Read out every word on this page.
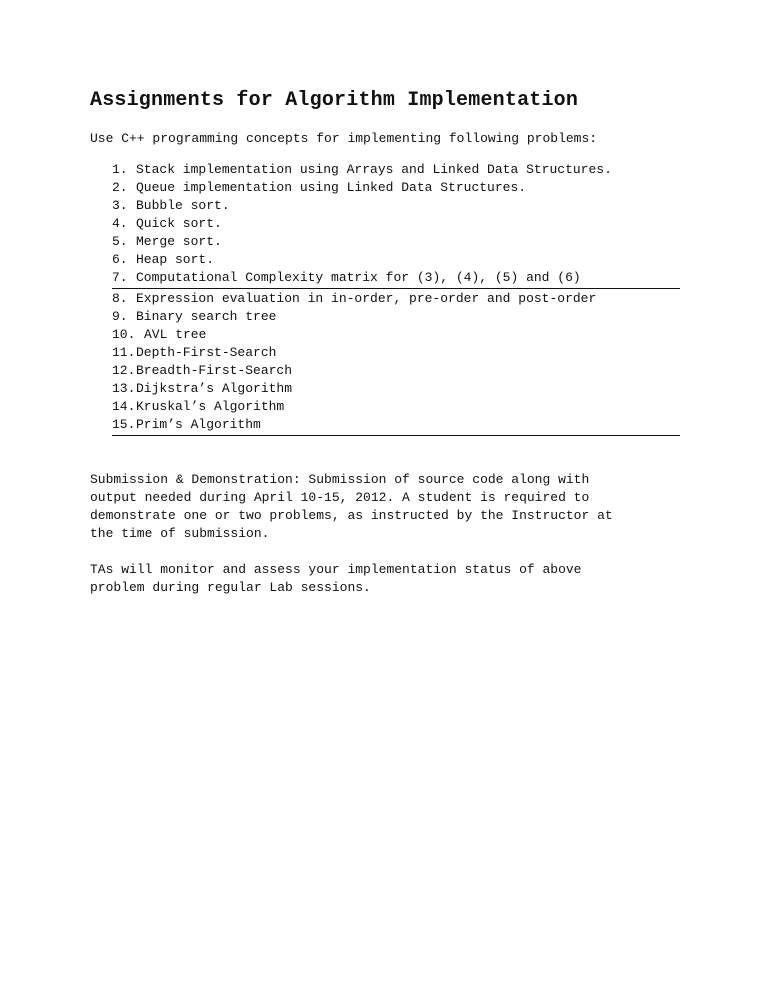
Assignments for Algorithm Implementation

Use C++ programming concepts for implementing following problems:

1. Stack implementation using Arrays and Linked Data Structures.
2. Queue implementation using Linked Data Structures.
3. Bubble sort.
4. Quick sort.
5. Merge sort.
6. Heap sort.
7. Computational Complexity matrix for (3), (4), (5) and (6)
8. Expression evaluation in in-order, pre-order and post-order
9. Binary search tree
10. AVL tree
11.Depth-First-Search
12.Breadth-First-Search
13.Dijkstra’s Algorithm
14.Kruskal’s Algorithm
15.Prim’s Algorithm

Submission & Demonstration: Submission of source code along with
output needed during April 10-15, 2012. A student is required to
demonstrate one or two problems, as instructed by the Instructor at
the time of submission.

TAs will monitor and assess your implementation status of above
problem during regular Lab sessions.
